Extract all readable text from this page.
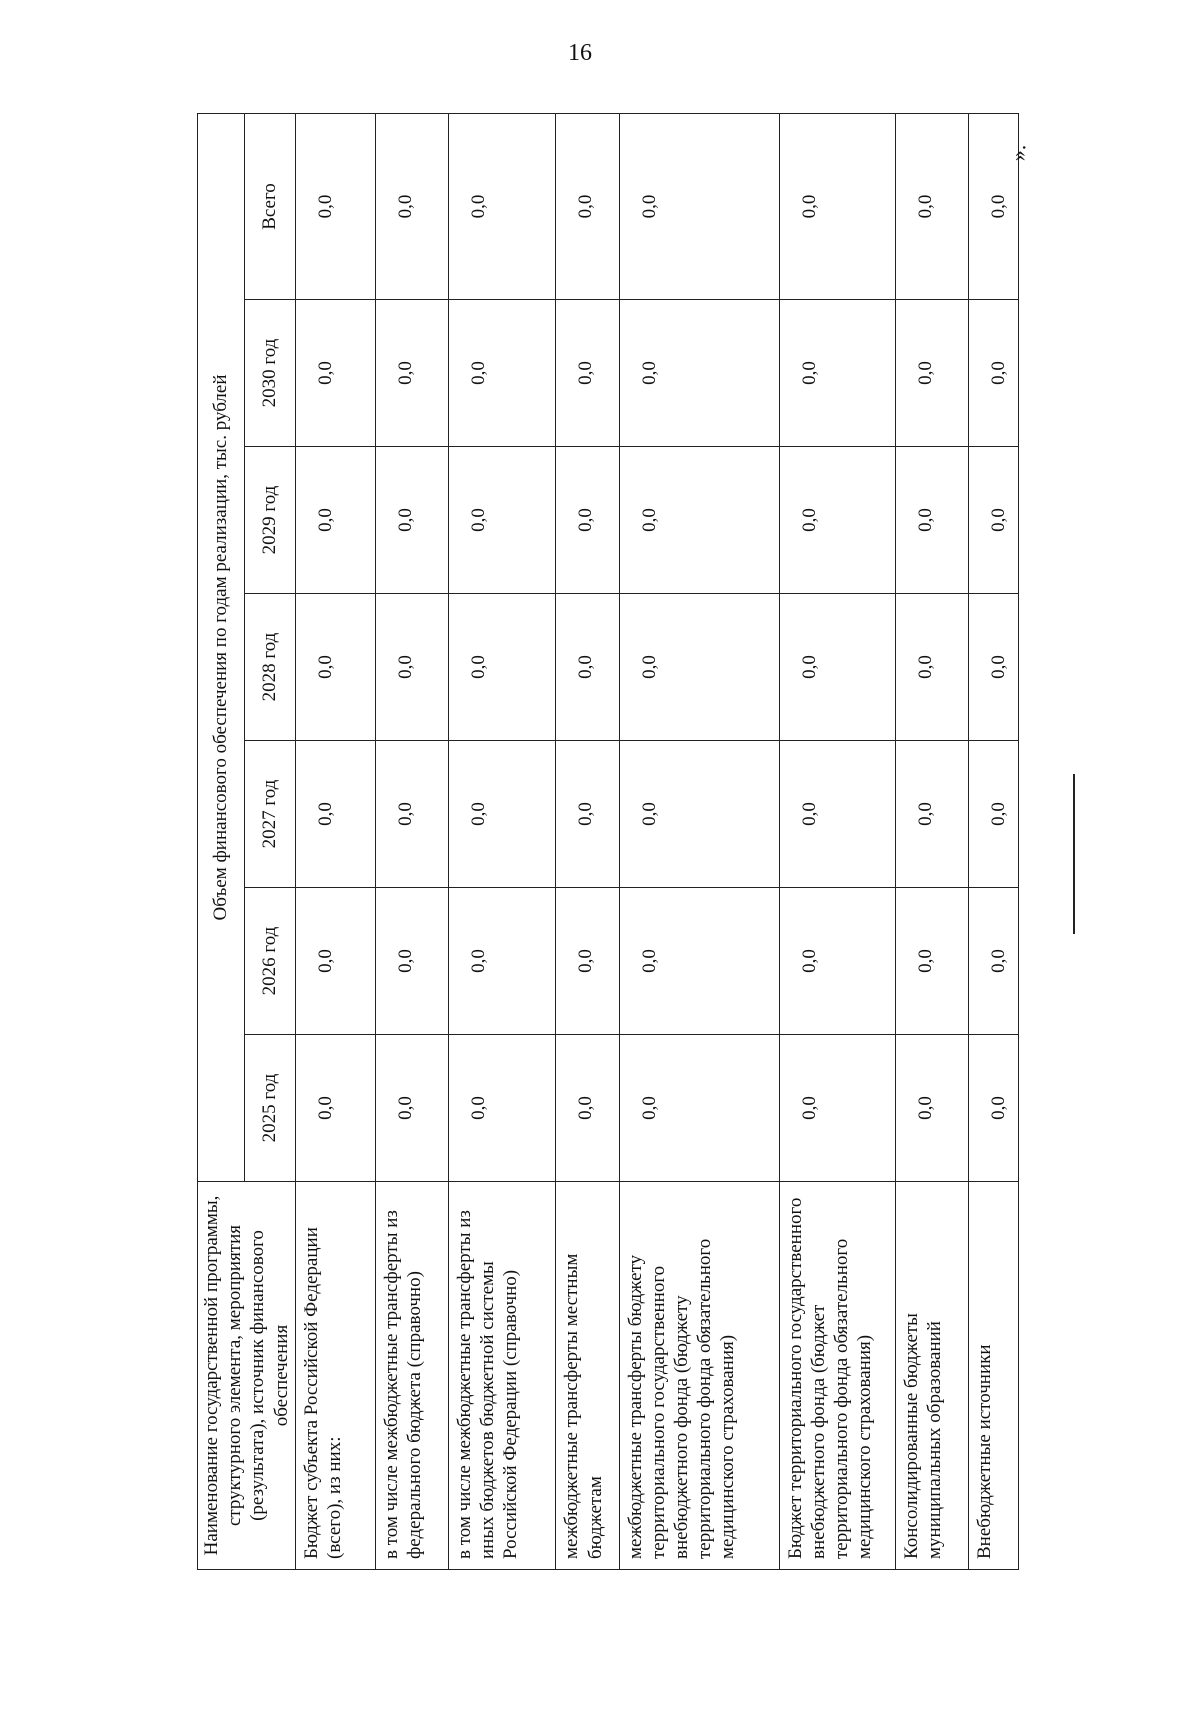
16
Наименование государственной программы, структурного элемента, мероприятия (результата), источник финансового обеспечения	Объем финансового обеспечения по годам реализации, тыс. рублей						
	2025 год	2026 год	2027 год	2028 год	2029 год	2030 год	Всего
Бюджет субъекта Российской Федерации (всего), из них:	0,0	0,0	0,0	0,0	0,0	0,0	0,0
в том числе межбюджетные трансферты из федерального бюджета (справочно)	0,0	0,0	0,0	0,0	0,0	0,0	0,0
в том числе межбюджетные трансферты из иных бюджетов бюджетной системы Российской Федерации (справочно)	0,0	0,0	0,0	0,0	0,0	0,0	0,0
межбюджетные трансферты местным бюджетам	0,0	0,0	0,0	0,0	0,0	0,0	0,0
межбюджетные трансферты бюджету территориального государственного внебюджетного фонда (бюджету территориального фонда обязательного медицинского страхования)	0,0	0,0	0,0	0,0	0,0	0,0	0,0
Бюджет территориального государственного внебюджетного фонда (бюджет территориального фонда обязательного медицинского страхования)	0,0	0,0	0,0	0,0	0,0	0,0	0,0
Консолидированные бюджеты муниципальных образований	0,0	0,0	0,0	0,0	0,0	0,0	0,0
Внебюджетные источники	0,0	0,0	0,0	0,0	0,0	0,0	0,0
».
